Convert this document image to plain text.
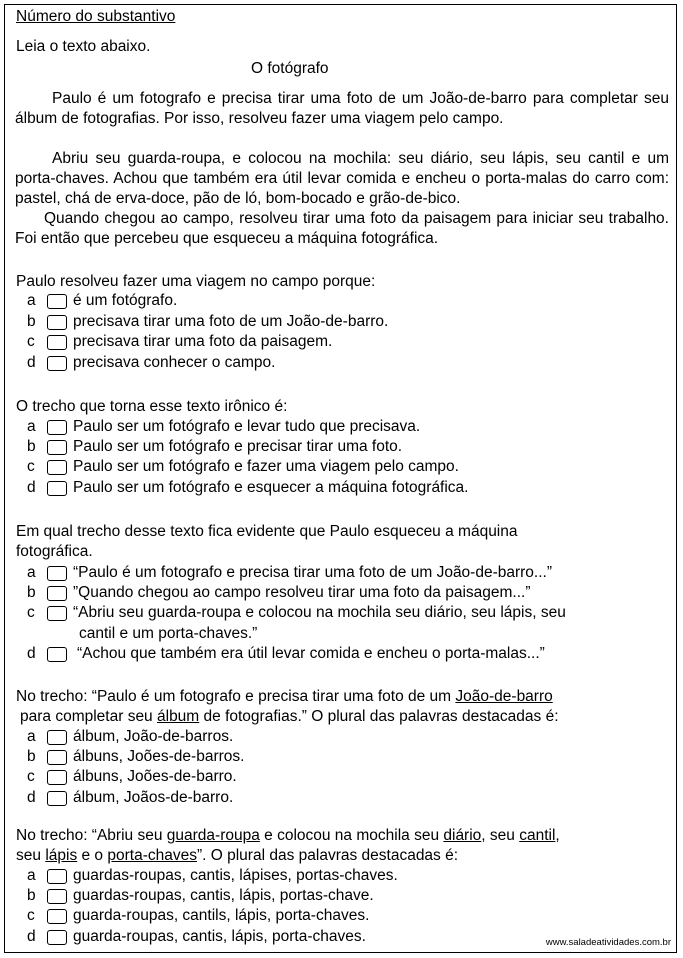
Número do substantivo
Leia o texto abaixo.
O fotógrafo
Paulo é um fotografo e precisa tirar uma foto de um João-de-barro para completar seu álbum de fotografias. Por isso, resolveu fazer uma viagem pelo campo.
Abriu seu guarda-roupa, e colocou na mochila: seu diário, seu lápis, seu cantil e um porta-chaves. Achou que também era útil levar comida e encheu o porta-malas do carro com: pastel, chá de erva-doce, pão de ló, bom-bocado e grão-de-bico.
Quando chegou ao campo, resolveu tirar uma foto da paisagem para iniciar seu trabalho. Foi então que percebeu que esqueceu a máquina fotográfica.
Paulo resolveu fazer uma viagem no campo porque:
a	é um fotógrafo.
b	precisava tirar uma foto de um João-de-barro.
c	precisava tirar uma foto da paisagem.
d	precisava conhecer o campo.
O trecho que torna esse texto irônico é:
a	Paulo ser um fotógrafo e levar tudo que precisava.
b	Paulo ser um fotógrafo e precisar tirar uma foto.
c	Paulo ser um fotógrafo e fazer uma viagem pelo campo.
d	Paulo ser um fotógrafo e esquecer a máquina fotográfica.
Em qual trecho desse texto fica evidente que Paulo esqueceu a máquina
fotográfica.
a	“Paulo é um fotografo e precisa tirar uma foto de um João-de-barro...”
b	”Quando chegou ao campo resolveu tirar uma foto da paisagem...”
c	“Abriu seu guarda-roupa e colocou na mochila seu diário, seu lápis, seu
cantil e um porta-chaves.”
d	“Achou que também era útil levar comida e encheu o porta-malas...”
No trecho: “Paulo é um fotografo e precisa tirar uma foto de um João-de-barro
para completar seu álbum de fotografias.” O plural das palavras destacadas é:
a	álbum, João-de-barros.
b	álbuns, Joões-de-barros.
c	álbuns, Joões-de-barro.
d	álbum, Joãos-de-barro.
No trecho: “Abriu seu guarda-roupa e colocou na mochila seu diário, seu cantil,
seu lápis e o porta-chaves”. O plural das palavras destacadas é:
a	guardas-roupas, cantis, lápises, portas-chaves.
b	guardas-roupas, cantis, lápis, portas-chave.
c	guarda-roupas, cantils, lápis, porta-chaves.
d	guarda-roupas, cantis, lápis, porta-chaves.	www.saladeatividades.com.br
